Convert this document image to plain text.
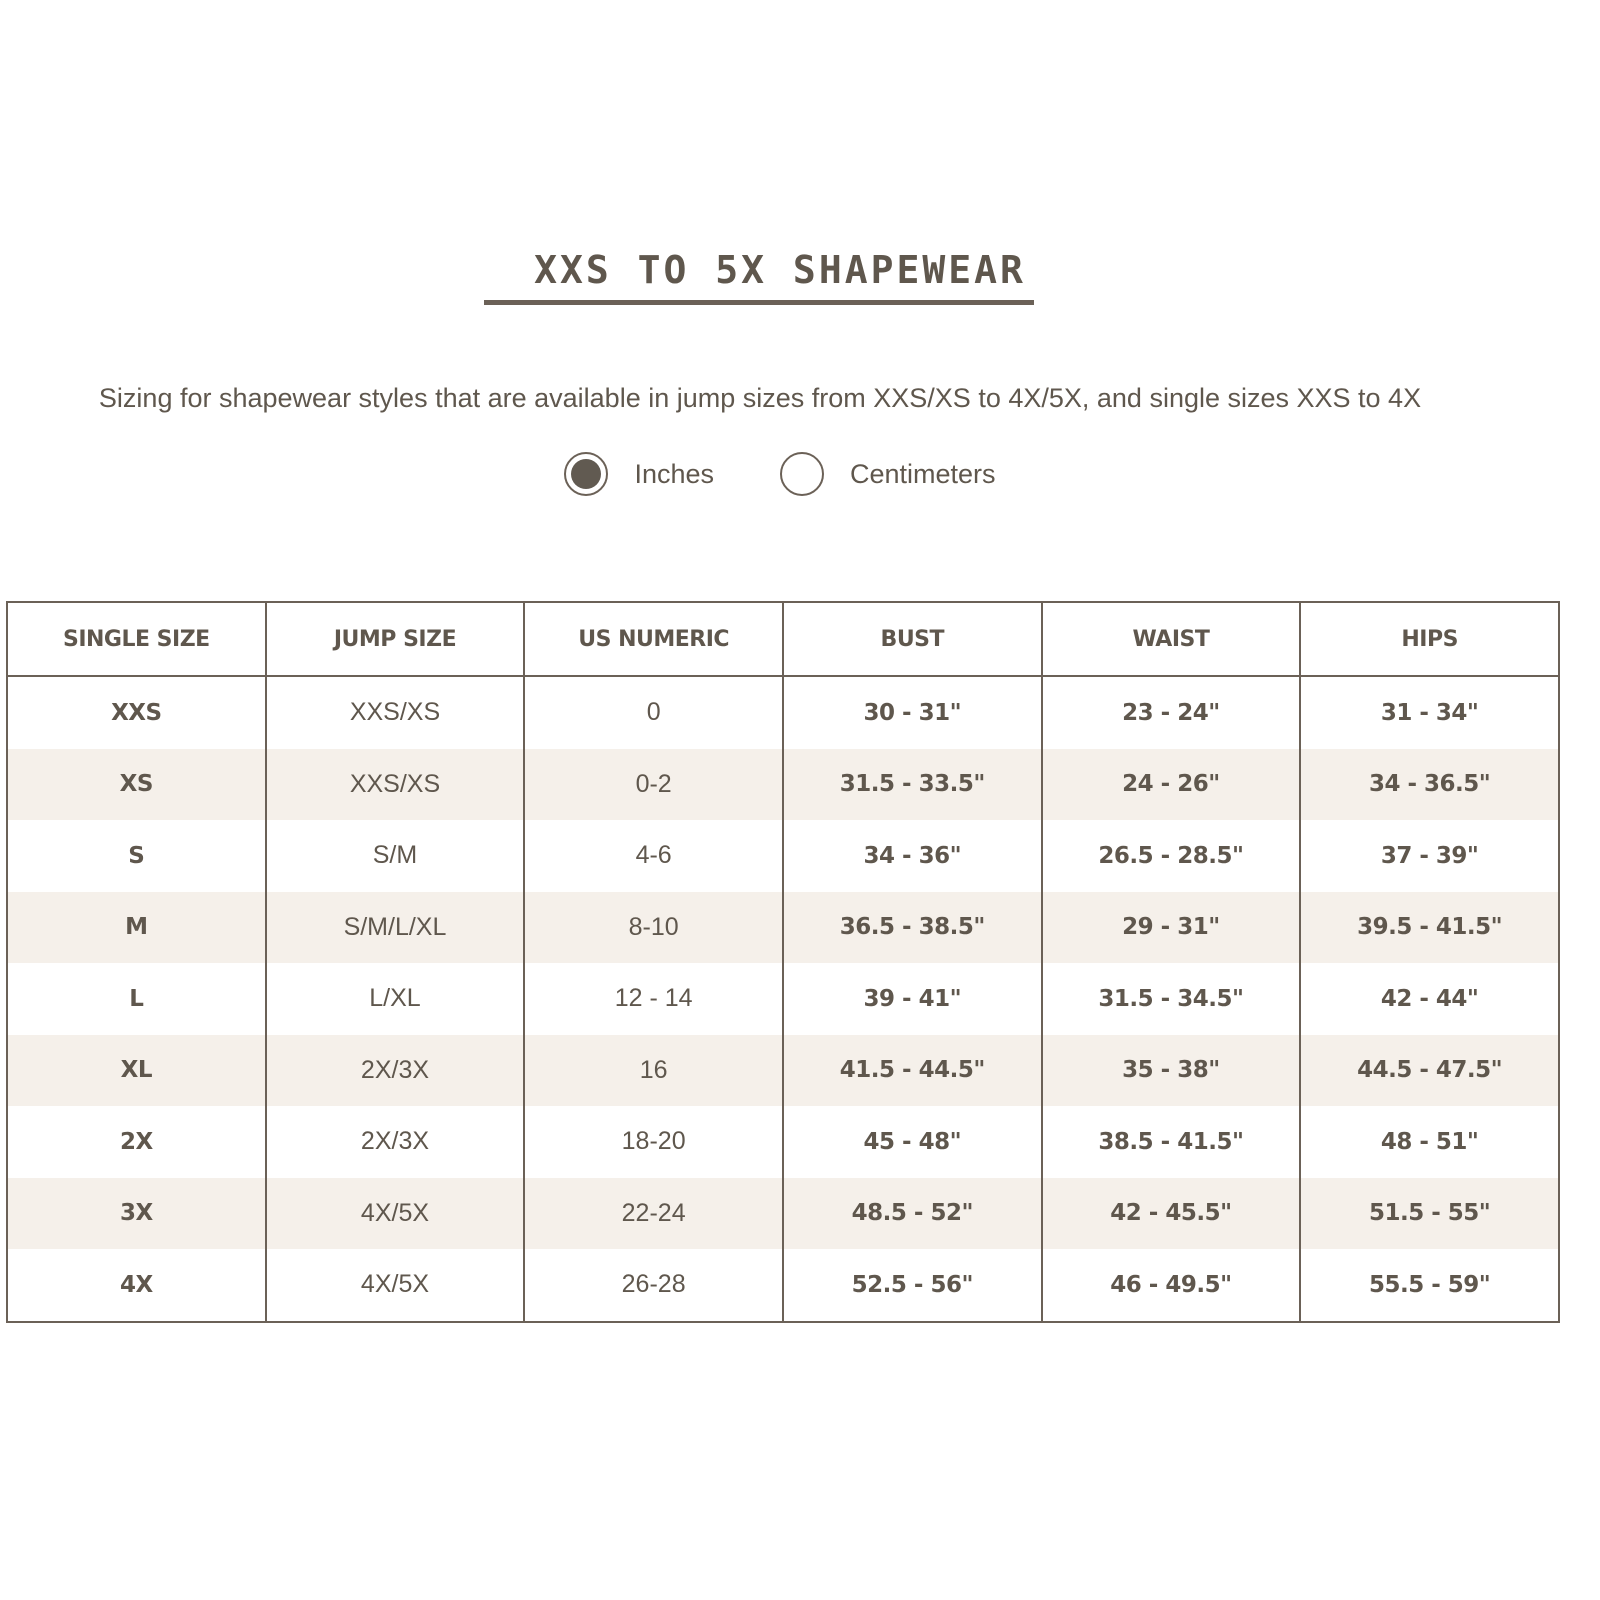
XXS TO 5X SHAPEWEAR

Sizing for shapewear styles that are available in jump sizes from XXS/XS to 4X/5X, and single sizes XXS to 4X

Inches	Centimeters
SINGLE SIZE	JUMP SIZE	US NUMERIC	BUST	WAIST	HIPS
XXS	XXS/XS	0	30 - 31"	23 - 24"	31 - 34"
XS	XXS/XS	0-2	31.5 - 33.5"	24 - 26"	34 - 36.5"
S	S/M	4-6	34 - 36"	26.5 - 28.5"	37 - 39"
M	S/M/L/XL	8-10	36.5 - 38.5"	29 - 31"	39.5 - 41.5"
L	L/XL	12 - 14	39 - 41"	31.5 - 34.5"	42 - 44"
XL	2X/3X	16	41.5 - 44.5"	35 - 38"	44.5 - 47.5"
2X	2X/3X	18-20	45 - 48"	38.5 - 41.5"	48 - 51"
3X	4X/5X	22-24	48.5 - 52"	42 - 45.5"	51.5 - 55"
4X	4X/5X	26-28	52.5 - 56"	46 - 49.5"	55.5 - 59"
